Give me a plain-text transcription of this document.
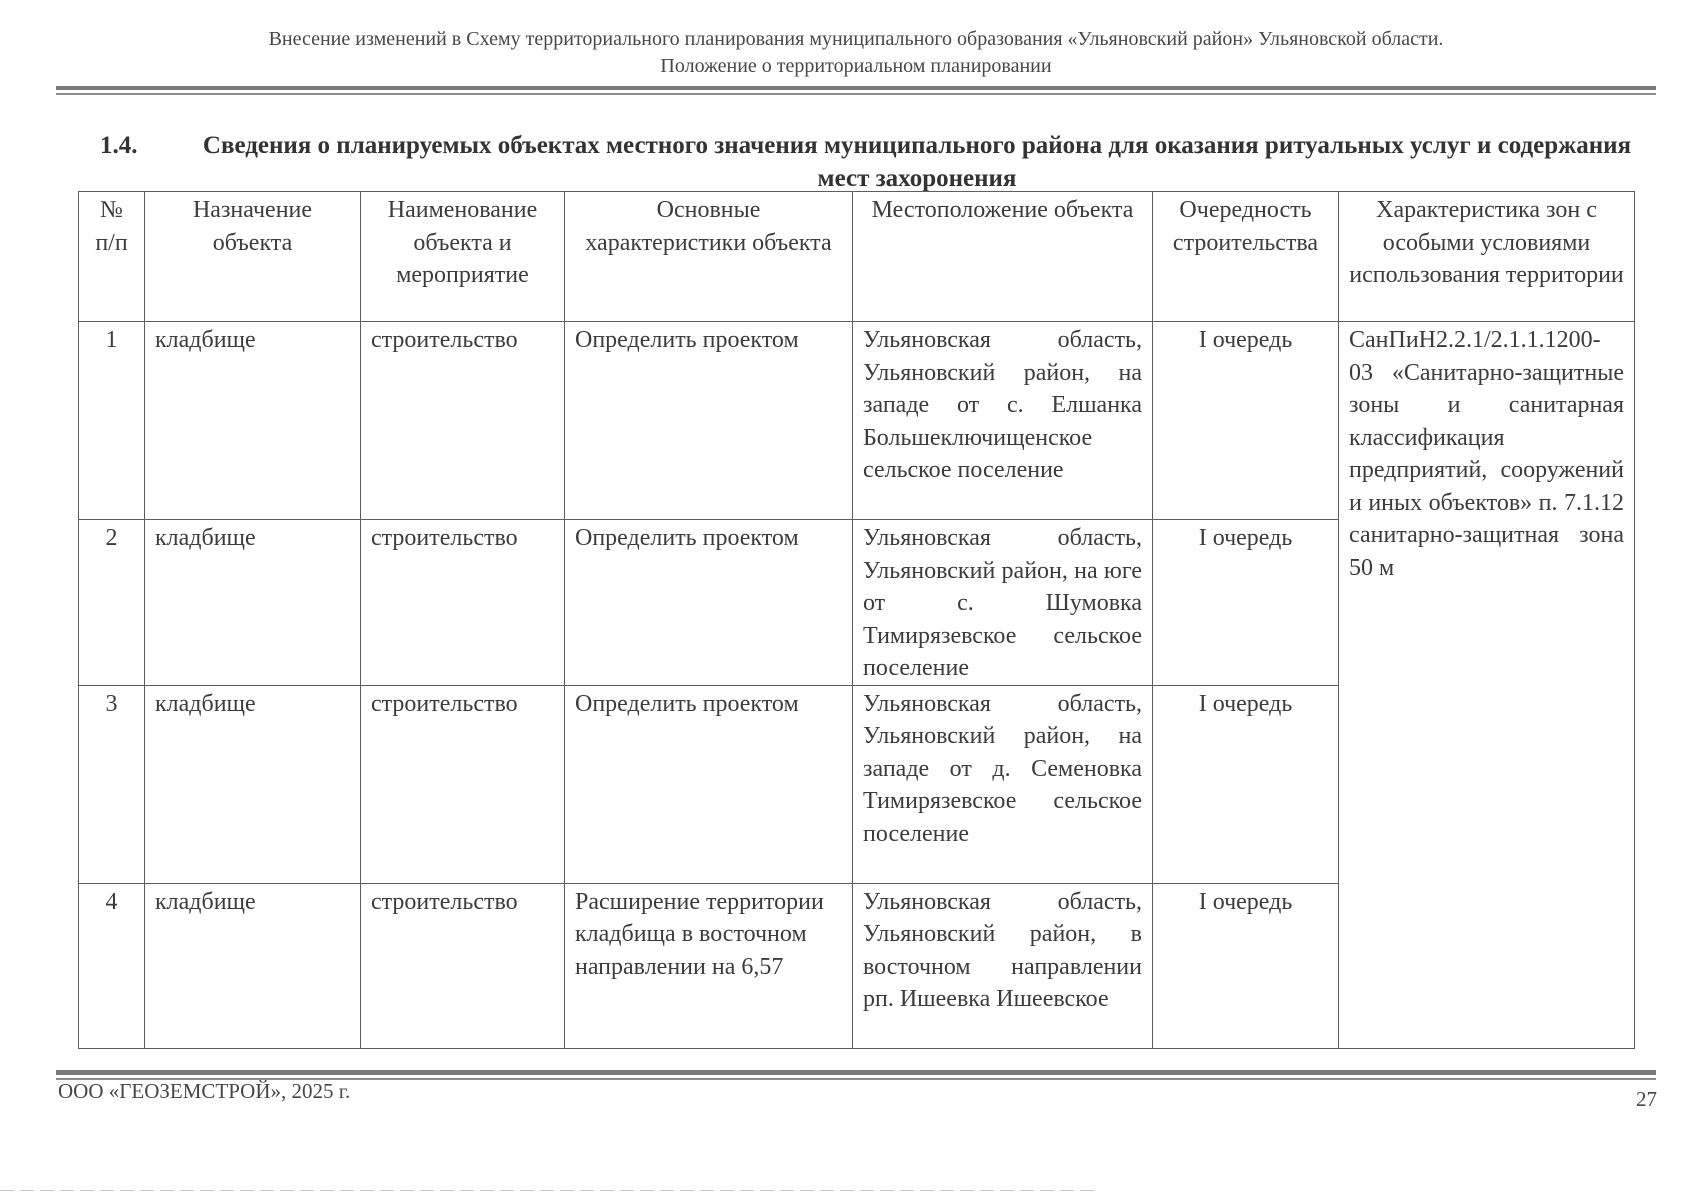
Внесение изменений в Схему территориального планирования муниципального образования «Ульяновский район» Ульяновской области.
Положение о территориальном планировании
1.4.	Сведения о планируемых объектах местного значения муниципального района для оказания ритуальных услуг и содержания мест захоронения
№ п/п	Назначение объекта	Наименование объекта и мероприятие	Основные характеристики объекта	Местоположение объекта	Очередность строительства	Характеристика зон с особыми условиями использования территории
1	кладбище	строительство	Определить проектом	Ульяновская область, Ульяновский район, на западе от с. Елшанка Большеключищенское сельское поселение	I очередь	СанПиН2.2.1/2.1.1.1200-03 «Санитарно-защитные зоны и санитарная классификация предприятий, сооружений и иных объектов» п. 7.1.12 санитарно-защитная зона 50 м
2	кладбище	строительство	Определить проектом	Ульяновская область, Ульяновский район, на юге от с. Шумовка Тимирязевское сельское поселение	I очередь	
3	кладбище	строительство	Определить проектом	Ульяновская область, Ульяновский район, на западе от д. Семеновка Тимирязевское сельское поселение	I очередь	
4	кладбище	строительство	Расширение территории кладбища в восточном направлении на 6,57	Ульяновская область, Ульяновский район, в восточном направлении рп. Ишеевка Ишеевское	I очередь	
ООО «ГЕОЗЕМСТРОЙ», 2025 г.	27
